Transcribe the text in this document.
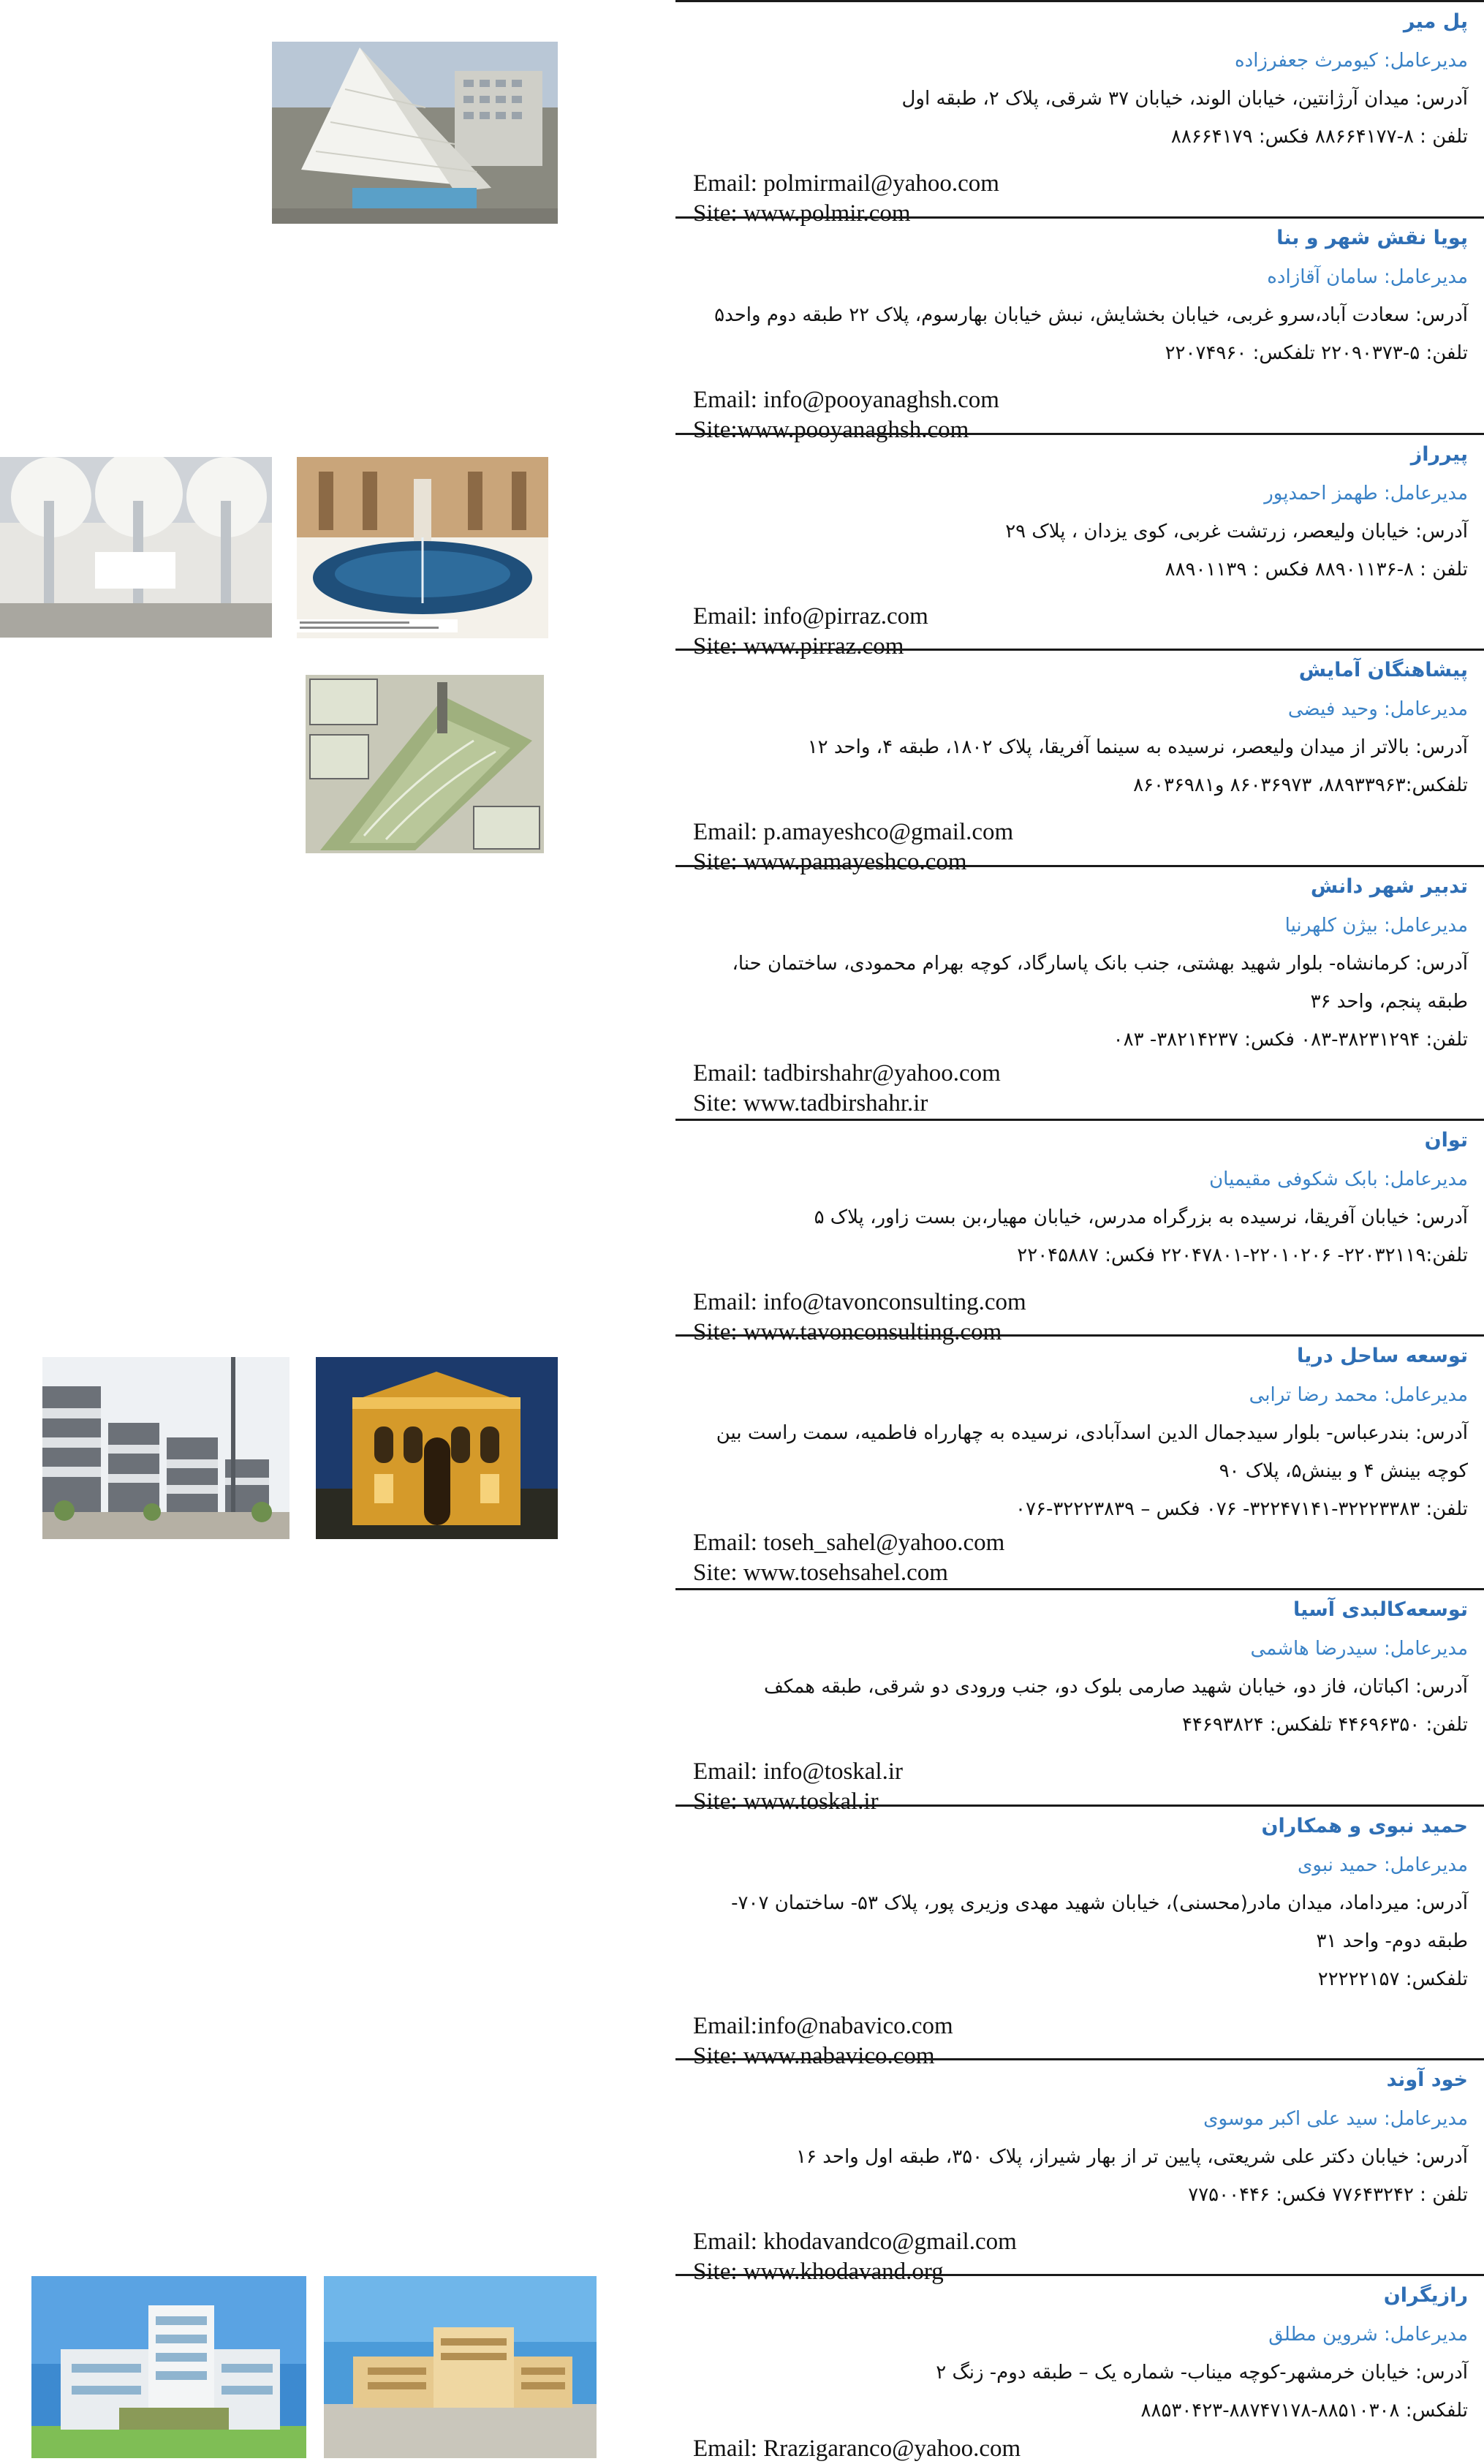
پل میر
مدیرعامل: کیومرث جعفرزاده
آدرس: میدان آرژانتین، خیابان الوند، خیابان ۳۷ شرقی، پلاک ۲، طبقه اول
تلفن : ۸-۸۸۶۶۴۱۷۷ فکس: ۸۸۶۶۴۱۷۹
Email: polmirmail@yahoo.com
Site: www.polmir.com
پویا نقش شهر و بنا
مدیرعامل: سامان آقازاده
آدرس: سعادت آباد،سرو غربی، خیابان بخشایش، نبش خیابان بهارسوم، پلاک ۲۲ طبقه دوم واحد۵
تلفن: ۵-۲۲۰۹۰۳۷۳ تلفکس: ۲۲۰۷۴۹۶۰
Email: info@pooyanaghsh.com
Site:www.pooyanaghsh.com
پیرراز
مدیرعامل: طهمز احمدپور
آدرس: خیابان ولیعصر، زرتشت غربی، کوی یزدان ، پلاک ۲۹
تلفن : ۸-۸۸۹۰۱۱۳۶ فکس : ۸۸۹۰۱۱۳۹
Email: info@pirraz.com
Site: www.pirraz.com
پیشاهنگان آمایش
مدیرعامل: وحید فیضی
آدرس: بالاتر از میدان ولیعصر، نرسیده به سینما آفریقا، پلاک ۱۸۰۲، طبقه ۴، واحد ۱۲
تلفکس:۸۸۹۳۳۹۶۳، ۸۶۰۳۶۹۷۳ و۸۶۰۳۶۹۸۱
Email: p.amayeshco@gmail.com
Site: www.pamayeshco.com
تدبیر شهر دانش
مدیرعامل: بیژن کلهرنیا
آدرس: کرمانشاه- بلوار شهید بهشتی، جنب بانک پاسارگاد، کوچه بهرام محمودی، ساختمان حنا،
طبقه پنجم، واحد ۳۶
تلفن: ۳۸۲۳۱۲۹۴-۰۸۳ فکس: ۳۸۲۱۴۲۳۷- ۰۸۳
Email: tadbirshahr@yahoo.com
Site: www.tadbirshahr.ir
توان
مدیرعامل: بابک شکوفی مقیمیان
آدرس: خیابان آفریقا، نرسیده به بزرگراه مدرس، خیابان مهیار،بن بست زاور، پلاک ۵
تلفن:۲۲۰۳۲۱۱۹- ۲۲۰۱۰۲۰۶-۲۲۰۴۷۸۰۱ فکس: ۲۲۰۴۵۸۸۷
Email: info@tavonconsulting.com
Site: www.tavonconsulting.com
توسعه ساحل دریا
مدیرعامل: محمد رضا ترابی
آدرس: بندرعباس- بلوار سیدجمال الدین اسدآبادی، نرسیده به چهارراه فاطمیه، سمت راست بین
کوچه بینش ۴ و بینش۵، پلاک ۹۰
تلفن: ۳۲۲۲۳۳۸۳-۳۲۲۴۷۱۴۱- ۰۷۶ فکس – ۳۲۲۲۳۸۳۹-۰۷۶
Email: toseh_sahel@yahoo.com
Site: www.tosehsahel.com
توسعه‌کالبدی آسیا
مدیرعامل: سیدرضا هاشمی
آدرس: اکباتان، فاز دو، خیابان شهید صارمی بلوک دو، جنب ورودی دو شرقی، طبقه همکف
تلفن: ۴۴۶۹۶۳۵۰ تلفکس: ۴۴۶۹۳۸۲۴
Email: info@toskal.ir
Site: www.toskal.ir
حمید نبوی و همکاران
مدیرعامل: حمید نبوی
آدرس: میرداماد، میدان مادر(محسنی)، خیابان شهید مهدی وزیری پور، پلاک ۵۳- ساختمان ۷۰۷-
طبقه دوم- واحد ۳۱
تلفکس: ۲۲۲۲۲۱۵۷
Email:info@nabavico.com
Site: www.nabavico.com
خود آوند
مدیرعامل: سید علی اکبر موسوی
آدرس: خیابان دکتر علی شریعتی، پایین تر از بهار شیراز، پلاک ۳۵۰، طبقه اول واحد ۱۶
تلفن : ۷۷۶۴۳۲۴۲ فکس: ۷۷۵۰۰۴۴۶
Email: khodavandco@gmail.com
Site: www.khodavand.org
رازیگران
مدیرعامل: شروین مطلق
آدرس: خیابان خرمشهر-کوچه میناب- شماره یک – طبقه دوم- زنگ ۲
تلفکس: ۸۸۵۱۰۳۰۸-۸۸۷۴۷۱۷۸-۸۸۵۳۰۴۲۳
Email: Rrazigaranco@yahoo.com
